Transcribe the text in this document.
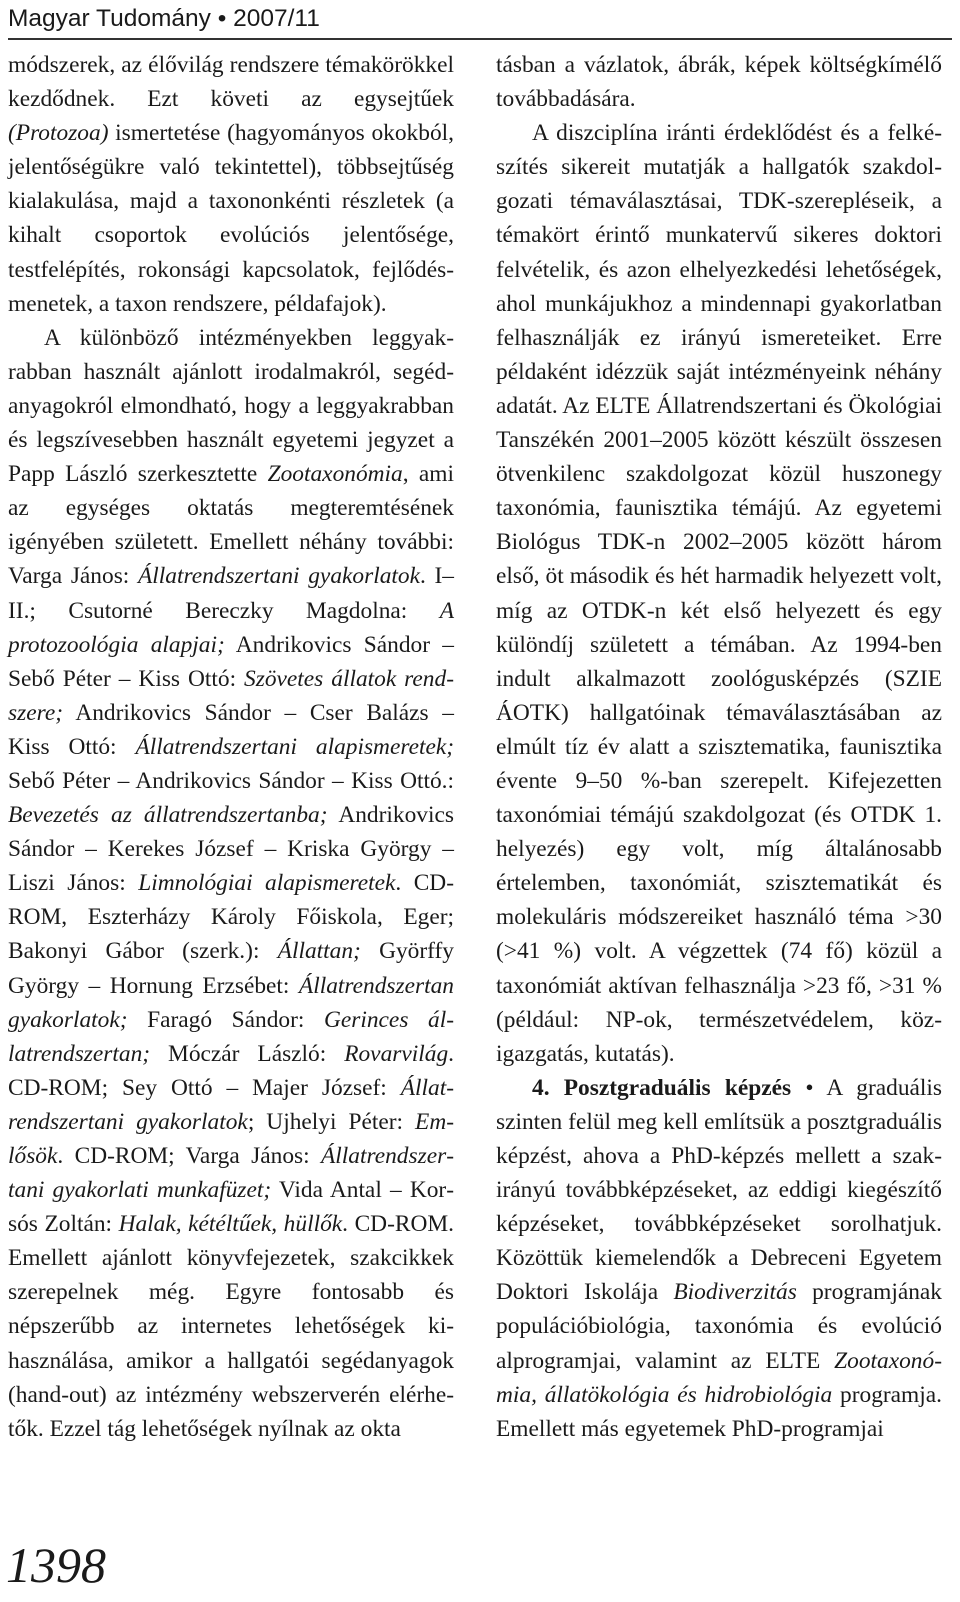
Magyar Tudomány • 2007/11

módszerek, az élővilág rendszere témakörökkel kezdődnek. Ezt követi az egysejtűek (Protozoa) ismertetése (hagyományos okokból, jelentőségükre való tekintettel), többsejtűség kialakulása, majd a taxononkénti részletek (a kihalt csoportok evolúciós jelentősége, testfelépítés, rokonsági kapcsolatok, fejlődésmenetek, a taxon rendszere, példafajok).

A különböző intézményekben leggyakrabban használt ajánlott irodalmakról, segédanyagokról elmondható, hogy a leggyakrabban és legszívesebben használt egyetemi jegyzet a Papp László szerkesztette Zootaxonómia, ami az egységes oktatás megteremtésének igényében született. Emellett néhány további: Varga János: Állatrendszertani gyakorlatok. I–II.; Csutorné Bereczky Magdolna: A protozoológia alapjai; Andrikovics Sándor – Sebő Péter – Kiss Ottó: Szövetes állatok rendszere; Andrikovics Sándor – Cser Balázs – Kiss Ottó: Állatrendszertani alapismeretek; Sebő Péter – Andrikovics Sándor – Kiss Ottó.: Bevezetés az állatrendszertanba; Andrikovics Sándor – Kerekes József – Kriska György – Liszi János: Limnológiai alapismeretek. CD-ROM, Eszterházy Károly Főiskola, Eger; Bakonyi Gábor (szerk.): Állattan; Györffy György – Hornung Erzsébet: Állatrendszertan gyakorlatok; Faragó Sándor: Gerinces állatrendszertan; Móczár László: Rovarvilág. CD-ROM; Sey Ottó – Majer József: Állatrendszertani gyakorlatok; Ujhelyi Péter: Emlősök. CD-ROM; Varga János: Állatrendszertani gyakorlati munkafüzet; Vida Antal – Korsós Zoltán: Halak, kétéltűek, hüllők. CD-ROM. Emellett ajánlott könyvfejezetek, szakcikkek szerepelnek még. Egyre fontosabb és népszerűbb az internetes lehetőségek kihasználása, amikor a hallgatói segédanyagok (hand-out) az intézmény webszerverén elérhetők. Ezzel tág lehetőségek nyílnak az okta

tásban a vázlatok, ábrák, képek költségkímélő továbbadására.

A diszciplína iránti érdeklődést és a felkészítés sikereit mutatják a hallgatók szakdolgozati témaválasztásai, TDK-szerepléseik, a témakört érintő munkatervű sikeres doktori felvételik, és azon elhelyezkedési lehetőségek, ahol munkájukhoz a mindennapi gyakorlatban felhasználják ez irányú ismereteiket. Erre példaként idézzük saját intézményeink néhány adatát. Az ELTE Állatrendszertani és Ökológiai Tanszékén 2001–2005 között készült összesen ötvenkilenc szakdolgozat közül huszonegy taxonómia, faunisztika témájú. Az egyetemi Biológus TDK-n 2002–2005 között három első, öt második és hét harmadik helyezett volt, míg az OTDK-n két első helyezett és egy különdíj született a témában. Az 1994-ben indult alkalmazott zoológusképzés (SZIE ÁOTK) hallgatóinak témaválasztásában az elmúlt tíz év alatt a szisztematika, faunisztika évente 9–50 %-ban szerepelt. Kifejezetten taxonómiai témájú szakdolgozat (és OTDK 1. helyezés) egy volt, míg általánosabb értelemben, taxonómiát, szisztematikát és molekuláris módszereiket használó téma >30 (>41 %) volt. A végzettek (74 fő) közül a taxonómiát aktívan felhasználja >23 fő, >31 % (például: NP-ok, természetvédelem, közigazgatás, kutatás).

4. Posztgraduális képzés • A graduális szinten felül meg kell említsük a posztgraduális képzést, ahova a PhD-képzés mellett a szakirányú továbbképzéseket, az eddigi kiegészítő képzéseket, továbbképzéseket sorolhatjuk. Közöttük kiemelendők a Debreceni Egyetem Doktori Iskolája Biodiverzitás programjának populációbiológia, taxonómia és evolúció alprogramjai, valamint az ELTE Zootaxonómia, állatökológia és hidrobiológia programja. Emellett más egyetemek PhD-programjai

1398
